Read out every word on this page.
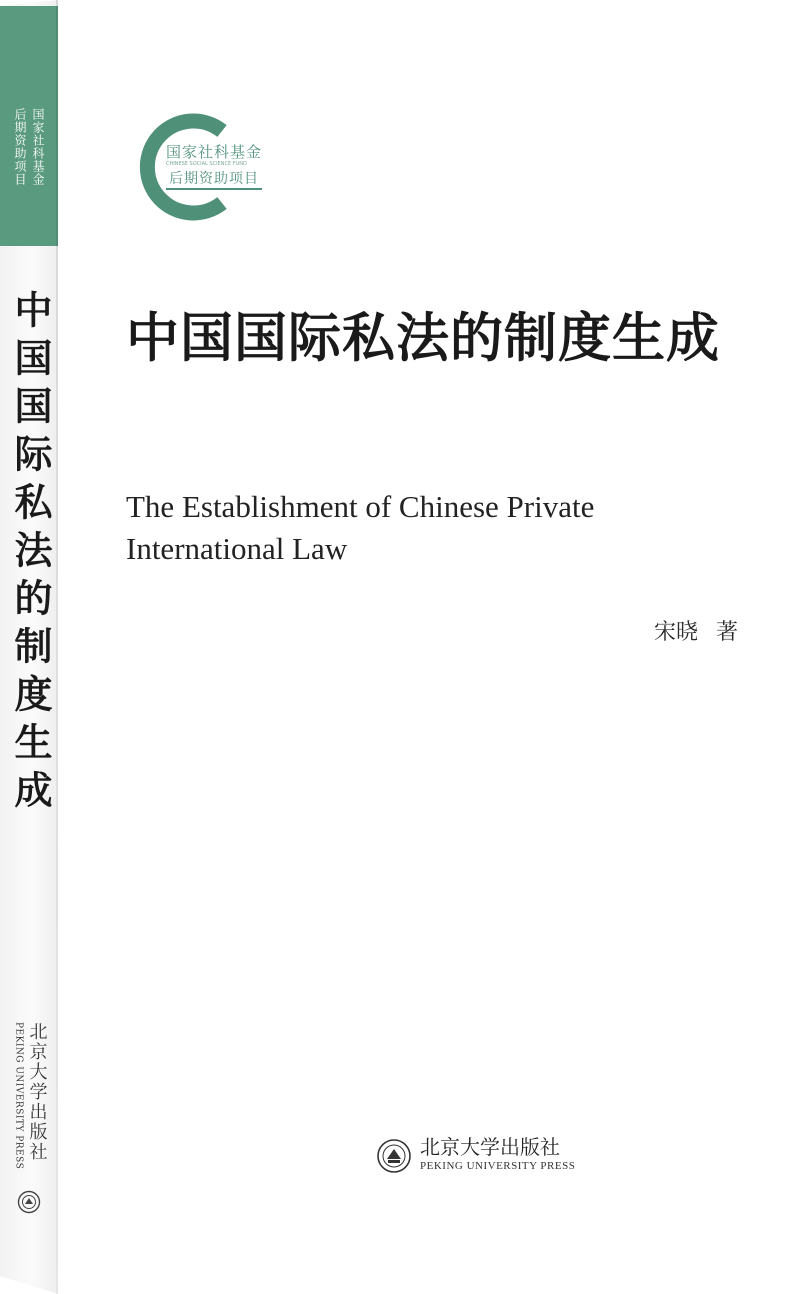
国家社科基金
后期资助项目
中国国际私法的制度生成
北京大学出版社
PEKING UNIVERSITY PRESS
国家社科基金
CHINESE SOCIAL SCIENCE FUND
后期资助项目
中国国际私法的制度生成
The Establishment of Chinese Private International Law
宋晓 著
北京大学出版社
PEKING UNIVERSITY PRESS
